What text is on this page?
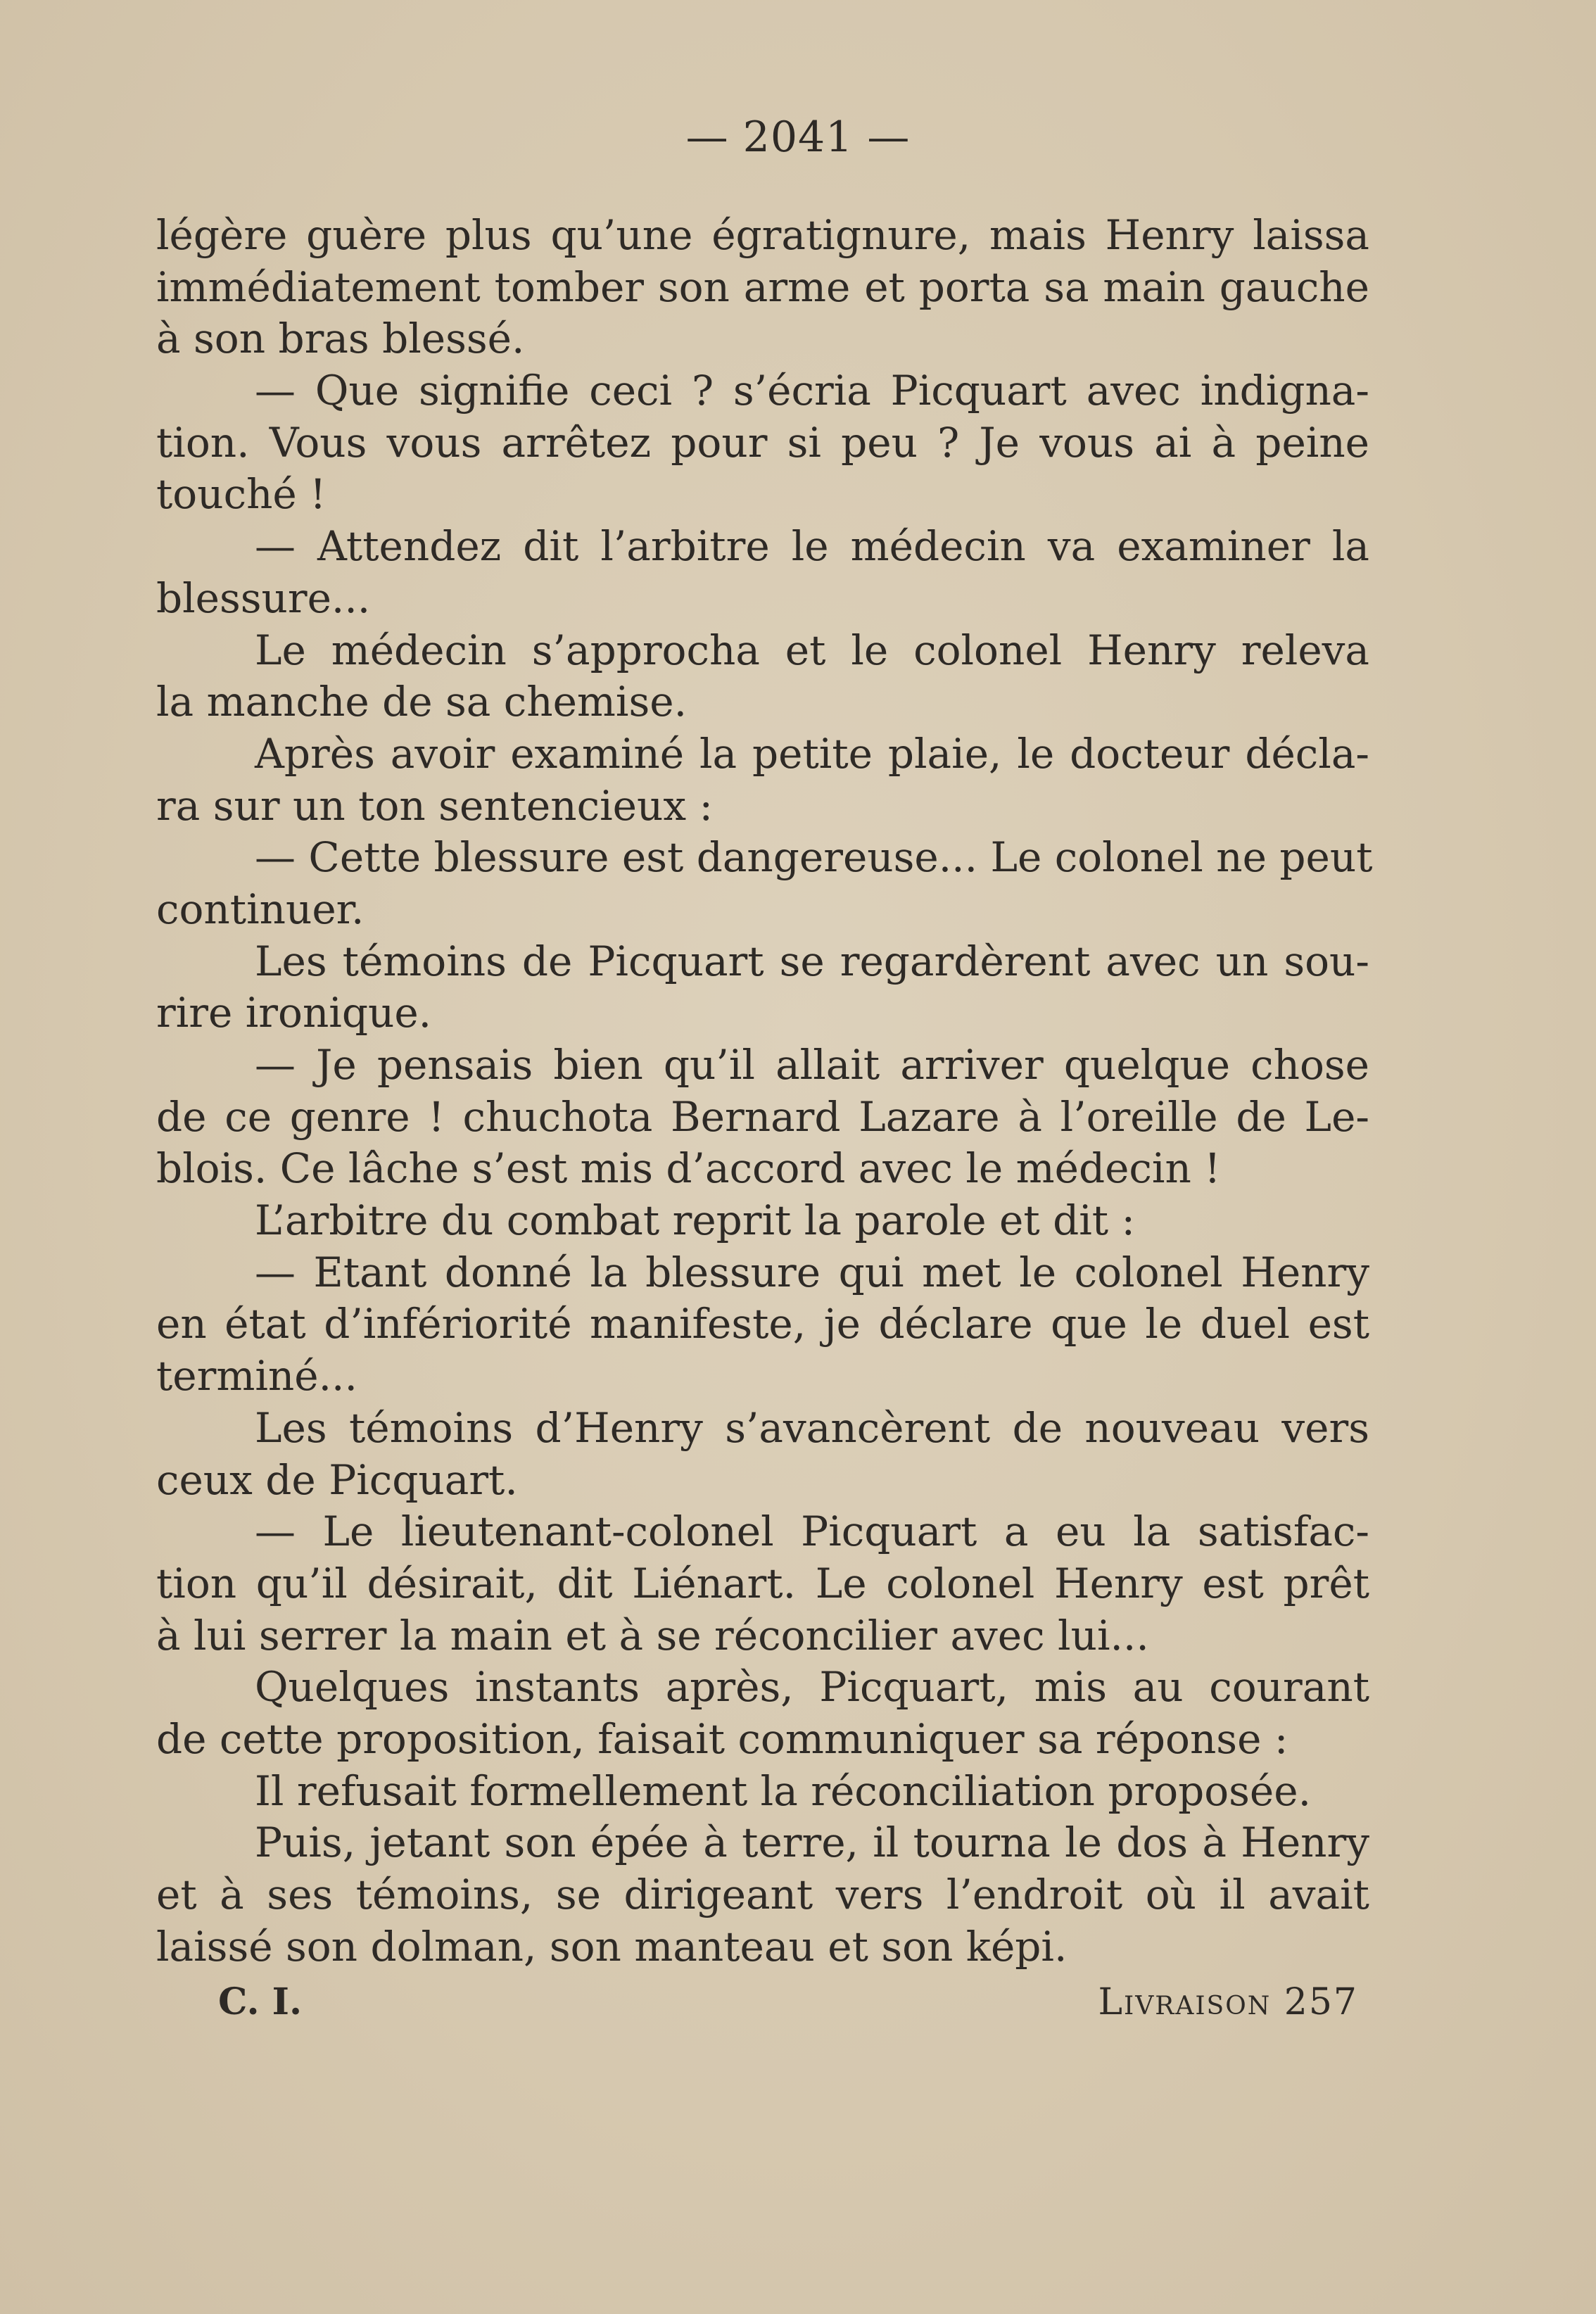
— 2041 —
légère guère plus qu’une égratignure, mais Henry laissa
immédiatement tomber son arme et porta sa main gauche
à son bras blessé.
— Que signifie ceci ? s’écria Picquart avec indigna-
tion. Vous vous arrêtez pour si peu ? Je vous ai à peine
touché !
— Attendez dit l’arbitre le médecin va examiner la
blessure...
Le médecin s’approcha et le colonel Henry releva
la manche de sa chemise.
Après avoir examiné la petite plaie, le docteur décla-
ra sur un ton sentencieux :
— Cette blessure est dangereuse... Le colonel ne peut
continuer.
Les témoins de Picquart se regardèrent avec un sou-
rire ironique.
— Je pensais bien qu’il allait arriver quelque chose
de ce genre ! chuchota Bernard Lazare à l’oreille de Le-
blois. Ce lâche s’est mis d’accord avec le médecin !
L’arbitre du combat reprit la parole et dit :
— Etant donné la blessure qui met le colonel Henry
en état d’infériorité manifeste, je déclare que le duel est
terminé...
Les témoins d’Henry s’avancèrent de nouveau vers
ceux de Picquart.
— Le lieutenant-colonel Picquart a eu la satisfac-
tion qu’il désirait, dit Liénart. Le colonel Henry est prêt
à lui serrer la main et à se réconcilier avec lui...
Quelques instants après, Picquart, mis au courant
de cette proposition, faisait communiquer sa réponse :
Il refusait formellement la réconciliation proposée.
Puis, jetant son épée à terre, il tourna le dos à Henry
et à ses témoins, se dirigeant vers l’endroit où il avait
laissé son dolman, son manteau et son képi.
C. I.	Livraison 257
